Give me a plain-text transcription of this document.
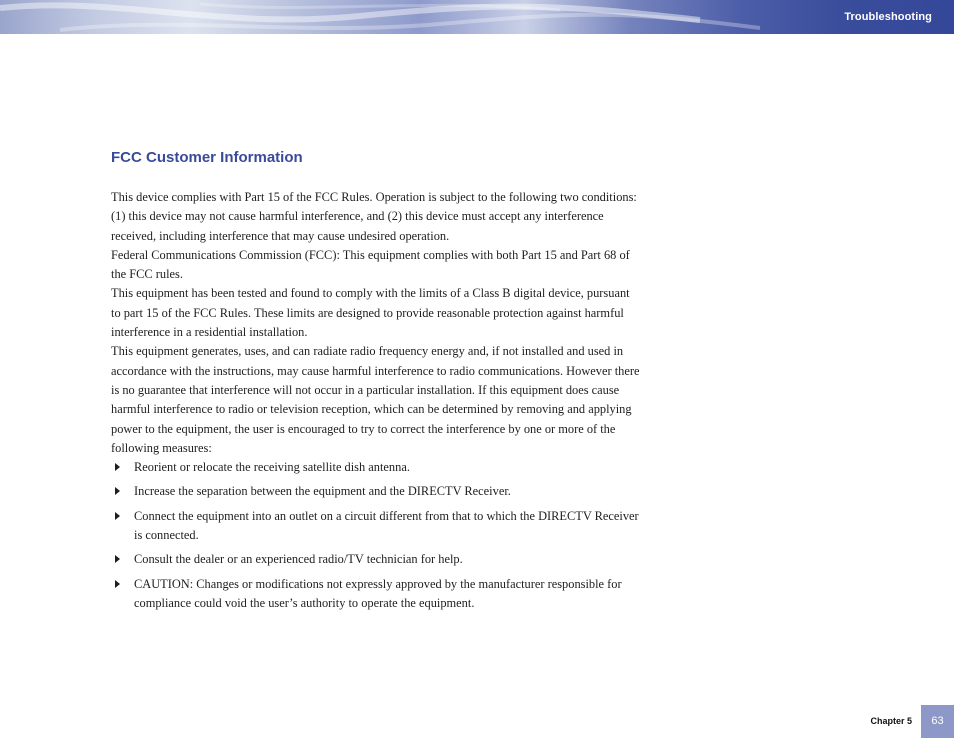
Troubleshooting
FCC Customer Information

This device complies with Part 15 of the FCC Rules. Operation is subject to the following two conditions: (1) this device may not cause harmful interference, and (2) this device must accept any interference received, including interference that may cause undesired operation.

Federal Communications Commission (FCC): This equipment complies with both Part 15 and Part 68 of the FCC rules.

This equipment has been tested and found to comply with the limits of a Class B digital device, pursuant to part 15 of the FCC Rules. These limits are designed to provide reasonable protection against harmful interference in a residential installation.

This equipment generates, uses, and can radiate radio frequency energy and, if not installed and used in accordance with the instructions, may cause harmful interference to radio communications. However there is no guarantee that interference will not occur in a particular installation. If this equipment does cause harmful interference to radio or television reception, which can be determined by removing and applying power to the equipment, the user is encouraged to try to correct the interference by one or more of the following measures:

Reorient or relocate the receiving satellite dish antenna.
Increase the separation between the equipment and the DIRECTV Receiver.
Connect the equipment into an outlet on a circuit different from that to which the DIRECTV Receiver is connected.
Consult the dealer or an experienced radio/TV technician for help.
CAUTION: Changes or modifications not expressly approved by the manufacturer responsible for compliance could void the user’s authority to operate the equipment.
Chapter 5	63
